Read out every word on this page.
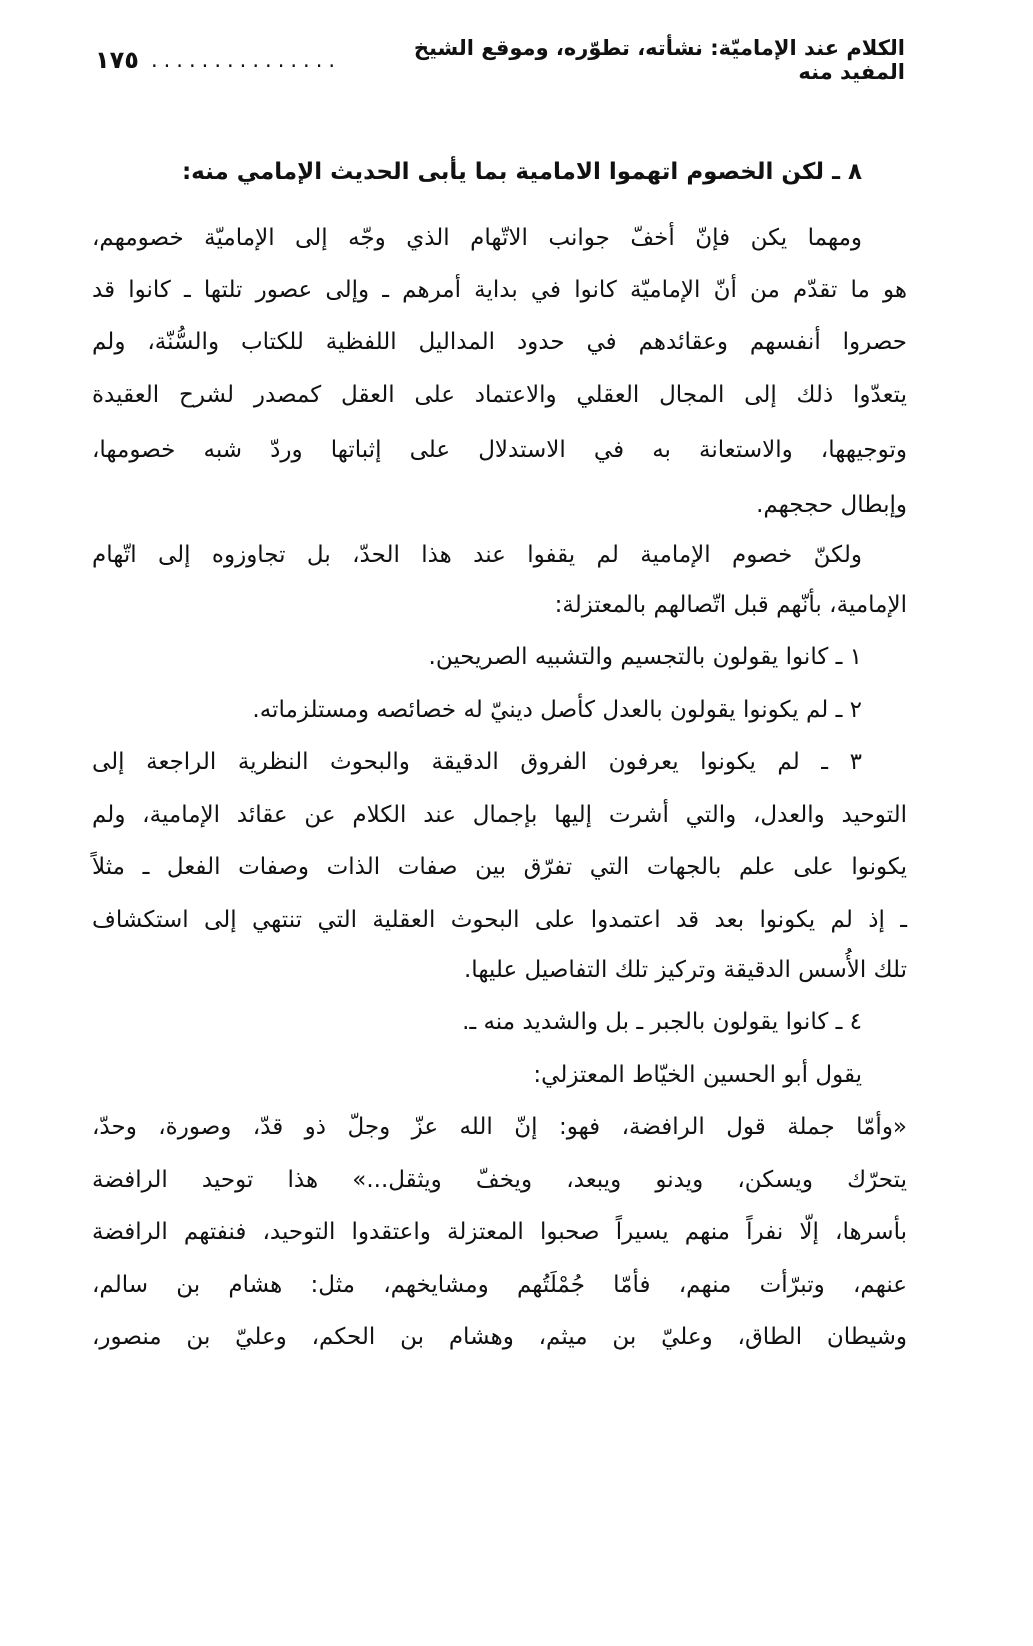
الكلام عند الإماميّة: نشأته، تطوّره، وموقع الشيخ المفيد منه
...............
١٧٥
٨ ـ لكن الخصوم اتهموا الامامية بما يأبى الحديث الإمامي منه:
ومهما يكن فإنّ أخفّ جوانب الاتّهام الذي وجّه إلى الإماميّة خصومهم،
هو ما تقدّم من أنّ الإماميّة كانوا في بداية أمرهم ـ وإلى عصور تلتها ـ كانوا قد
حصروا أنفسهم وعقائدهم في حدود المداليل اللفظية للكتاب والسُّنّة، ولم
يتعدّوا ذلك إلى المجال العقلي والاعتماد على العقل كمصدر لشرح العقيدة
وتوجيهها، والاستعانة به في الاستدلال على إثباتها وردّ شبه خصومها،
وإبطال حججهم.
ولكنّ خصوم الإمامية لم يقفوا عند هذا الحدّ، بل تجاوزوه إلى اتّهام
الإمامية، بأنّهم قبل اتّصالهم بالمعتزلة:
١ ـ كانوا يقولون بالتجسيم والتشبيه الصريحين.
٢ ـ لم يكونوا يقولون بالعدل كأصل دينيّ له خصائصه ومستلزماته.
٣ ـ لم يكونوا يعرفون الفروق الدقيقة والبحوث النظرية الراجعة إلى
التوحيد والعدل، والتي أشرت إليها بإجمال عند الكلام عن عقائد الإمامية، ولم
يكونوا على علم بالجهات التي تفرّق بين صفات الذات وصفات الفعل ـ مثلاً
ـ إذ لم يكونوا بعد قد اعتمدوا على البحوث العقلية التي تنتهي إلى استكشاف
تلك الأُسس الدقيقة وتركيز تلك التفاصيل عليها.
٤ ـ كانوا يقولون بالجبر ـ بل والشديد منه ـ.
يقول أبو الحسين الخيّاط المعتزلي:
«وأمّا جملة قول الرافضة، فهو: إنّ الله عزّ وجلّ ذو قدّ، وصورة، وحدّ،
يتحرّك ويسكن، ويدنو ويبعد، ويخفّ ويثقل...» هذا توحيد الرافضة
بأسرها، إلّا نفراً منهم يسيراً صحبوا المعتزلة واعتقدوا التوحيد، فنفتهم الرافضة
عنهم، وتبرّأت منهم، فأمّا جُمْلَتُهم ومشايخهم، مثل: هشام بن سالم،
وشيطان الطاق، وعليّ بن ميثم، وهشام بن الحكم، وعليّ بن منصور،
